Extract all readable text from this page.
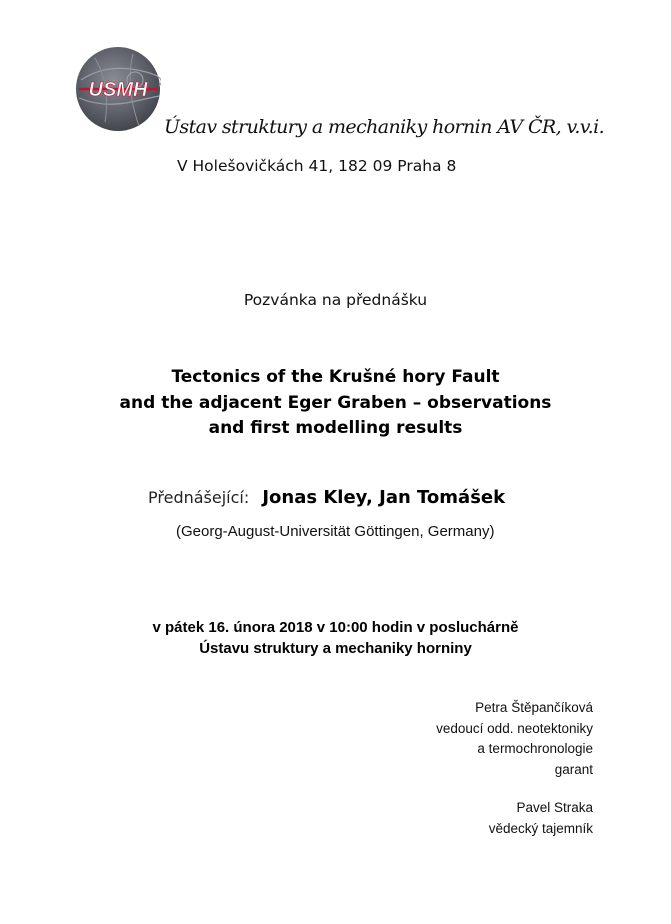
USMH
Ústav struktury a mechaniky hornin AV ČR, v.v.i.
V Holešovičkách 41, 182 09 Praha 8
Pozvánka na přednášku
Tectonics of the Krušné hory Fault
and the adjacent Eger Graben – observations
and first modelling results
Přednášející: Jonas Kley, Jan Tomášek
(Georg-August-Universität Göttingen, Germany)
v pátek 16. února 2018 v 10:00 hodin v posluchárně
Ústavu struktury a mechaniky horniny
Petra Štěpančíková
vedoucí odd. neotektoniky
a termochronologie
garant
Pavel Straka
vědecký tajemník
